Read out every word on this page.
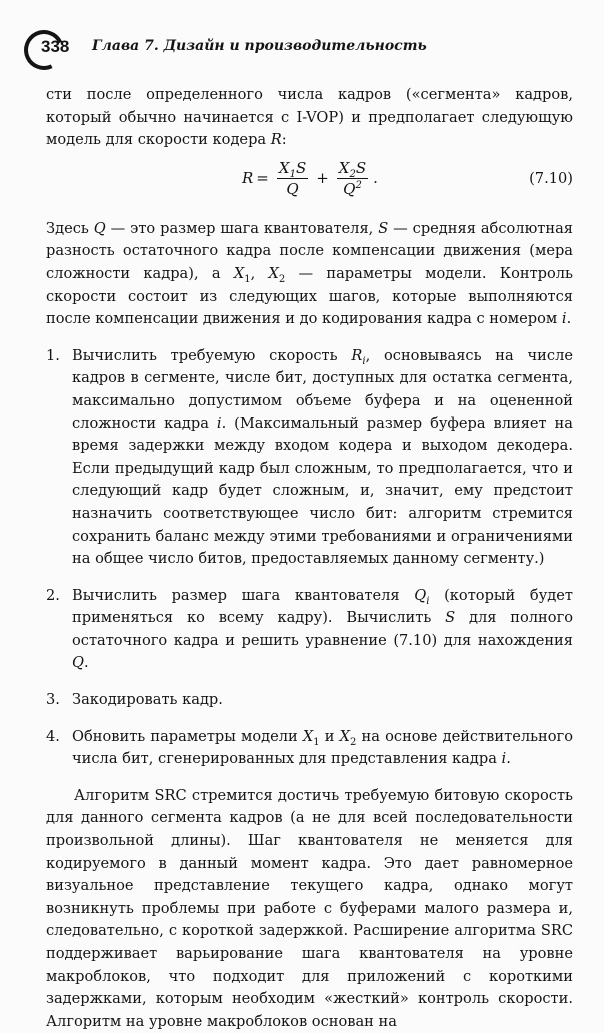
338 Глава 7. Дизайн и производительность

сти после определенного числа кадров («сегмента» кадров, который обычно начинается с I-VOP) и предполагает следующую модель для скорости кодера R:

$R = \frac{X_1S}{Q} + \frac{X_2S}{Q^2}$ .	(7.10)

Здесь Q — это размер шага квантователя, S — средняя абсолютная разность остаточного кадра после компенсации движения (мера сложности кадра), а $X_1$, $X_2$ — параметры модели. Контроль скорости состоит из следующих шагов, которые выполняются после компенсации движения и до кодирования кадра с номером i.

1. Вычислить требуемую скорость $R_i$, основываясь на числе кадров в сегменте, числе бит, доступных для остатка сегмента, максимально допустимом объеме буфера и на оцененной сложности кадра i. (Максимальный размер буфера влияет на время задержки между входом кодера и выходом декодера. Если предыдущий кадр был сложным, то предполагается, что и следующий кадр будет сложным, и, значит, ему предстоит назначить соответствующее число бит: алгоритм стремится сохранить баланс между этими требованиями и ограничениями на общее число битов, предоставляемых данному сегменту.)
2. Вычислить размер шага квантователя $Q_i$ (который будет применяться ко всему кадру). Вычислить S для полного остаточного кадра и решить уравнение (7.10) для нахождения Q.
3. Закодировать кадр.
4. Обновить параметры модели $X_1$ и $X_2$ на основе действительного числа бит, сгенерированных для представления кадра i.

Алгоритм SRC стремится достичь требуемую битовую скорость для данного сегмента кадров (а не для всей последовательности произвольной длины). Шаг квантователя не меняется для кодируемого в данный момент кадра. Это дает равномерное визуальное представление текущего кадра, однако могут возникнуть проблемы при работе с буферами малого размера и, следовательно, с короткой задержкой. Расширение алгоритма SRC поддерживает варьирование шага квантователя на уровне макроблоков, что подходит для приложений с короткими задержками, которым необходим «жесткий» контроль скорости. Алгоритм на уровне макроблоков основан на
